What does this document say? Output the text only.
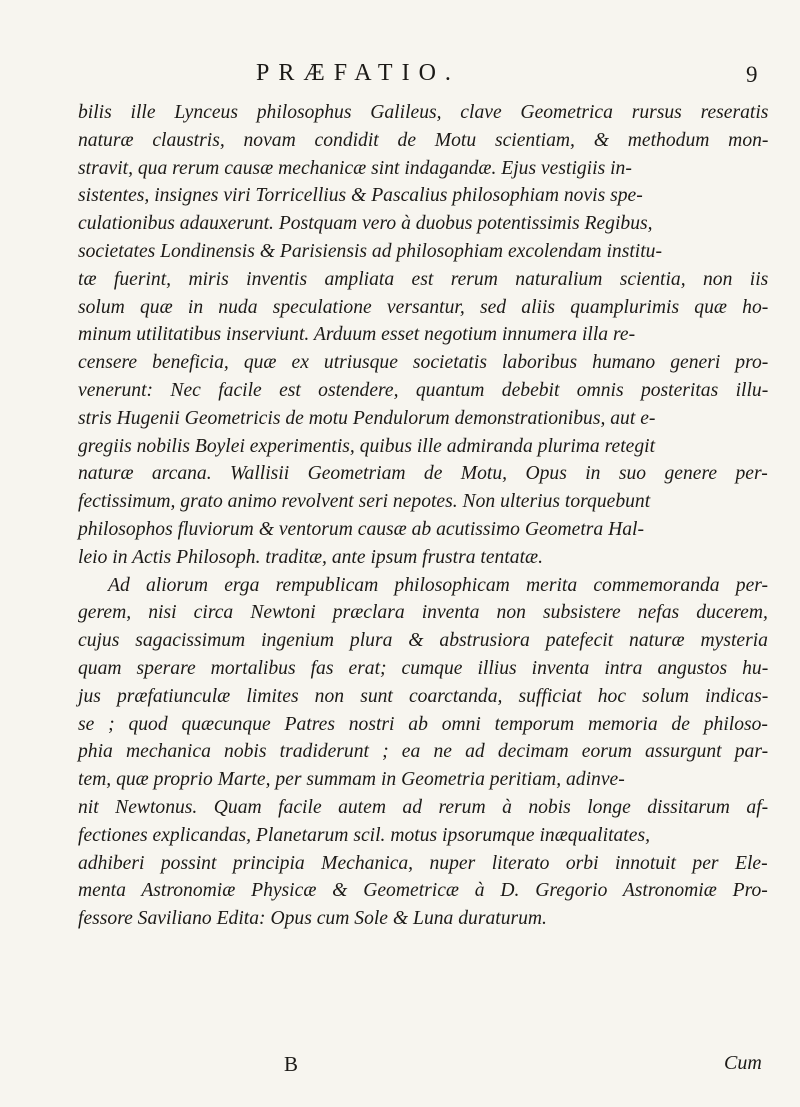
PRÆFATIO.	9
bilis ille Lynceus philosophus Galileus, clave Geometrica rursus reseratis
naturæ claustris, novam condidit de Motu scientiam, & methodum mon-
stravit, qua rerum causæ mechanicæ sint indagandæ. Ejus vestigiis in-
sistentes, insignes viri Torricellius & Pascalius philosophiam novis spe-
culationibus adauxerunt. Postquam vero à duobus potentissimis Regibus,
societates Londinensis & Parisiensis ad philosophiam excolendam institu-
tæ fuerint, miris inventis ampliata est rerum naturalium scientia, non iis
solum quæ in nuda speculatione versantur, sed aliis quamplurimis quæ ho-
minum utilitatibus inserviunt. Arduum esset negotium innumera illa re-
censere beneficia, quæ ex utriusque societatis laboribus humano generi pro-
venerunt: Nec facile est ostendere, quantum debebit omnis posteritas illu-
stris Hugenii Geometricis de motu Pendulorum demonstrationibus, aut e-
gregiis nobilis Boylei experimentis, quibus ille admiranda plurima retegit
naturæ arcana. Wallisii Geometriam de Motu, Opus in suo genere per-
fectissimum, grato animo revolvent seri nepotes. Non ulterius torquebunt
philosophos fluviorum & ventorum causæ ab acutissimo Geometra Hal-
leio in Actis Philosoph. traditæ, ante ipsum frustra tentatæ.
Ad aliorum erga rempublicam philosophicam merita commemoranda per-
gerem, nisi circa Newtoni præclara inventa non subsistere nefas ducerem,
cujus sagacissimum ingenium plura & abstrusiora patefecit naturæ mysteria
quam sperare mortalibus fas erat; cumque illius inventa intra angustos hu-
jus præfatiunculæ limites non sunt coarctanda, sufficiat hoc solum indicas-
se ; quod quæcunque Patres nostri ab omni temporum memoria de philoso-
phia mechanica nobis tradiderunt ; ea ne ad decimam eorum assurgunt par-
tem, quæ proprio Marte, per summam in Geometria peritiam, adinve-
nit Newtonus. Quam facile autem ad rerum à nobis longe dissitarum af-
fectiones explicandas, Planetarum scil. motus ipsorumque inæqualitates,
adhiberi possint principia Mechanica, nuper literato orbi innotuit per Ele-
menta Astronomiæ Physicæ & Geometricæ à D. Gregorio Astronomiæ Pro-
fessore Saviliano Edita: Opus cum Sole & Luna duraturum.
B	Cum
